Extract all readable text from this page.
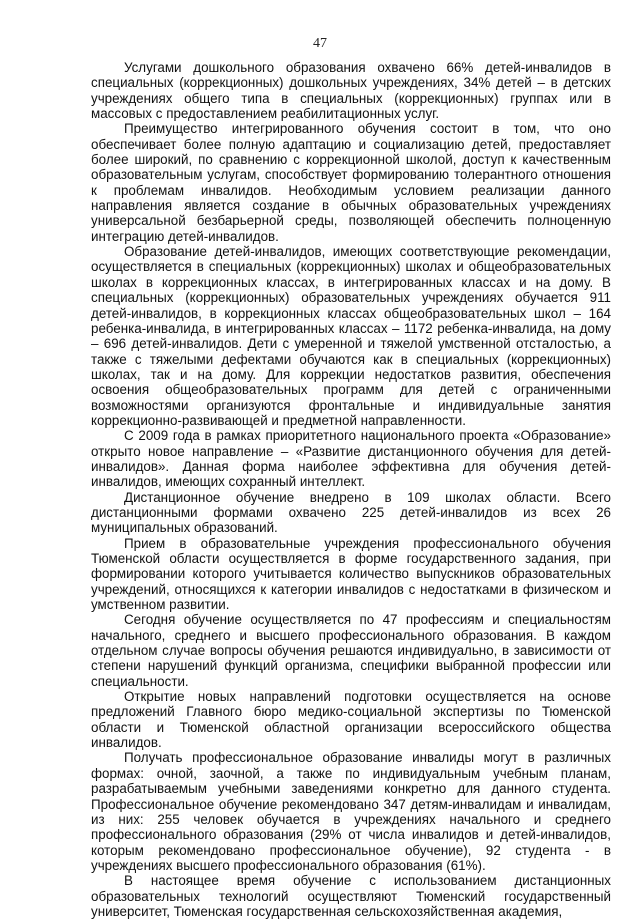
47

Услугами дошкольного образования охвачено 66% детей-инвалидов в специальных (коррекционных) дошкольных учреждениях, 34% детей – в детских учреждениях общего типа в специальных (коррекционных) группах или в массовых с предоставлением реабилитационных услуг.

Преимущество интегрированного обучения состоит в том, что оно обеспечивает более полную адаптацию и социализацию детей, предоставляет более широкий, по сравнению с коррекционной школой, доступ к качественным образовательным услугам, способствует формированию толерантного отношения к проблемам инвалидов. Необходимым условием реализации данного направления является создание в обычных образовательных учреждениях универсальной безбарьерной среды, позволяющей обеспечить полноценную интеграцию детей-инвалидов.

Образование детей-инвалидов, имеющих соответствующие рекомендации, осуществляется в специальных (коррекционных) школах и общеобразовательных школах в коррекционных классах, в интегрированных классах и на дому. В специальных (коррекционных) образовательных учреждениях обучается 911 детей-инвалидов, в коррекционных классах общеобразовательных школ – 164 ребенка-инвалида, в интегрированных классах – 1172 ребенка-инвалида, на дому – 696 детей-инвалидов. Дети с умеренной и тяжелой умственной отсталостью, а также с тяжелыми дефектами обучаются как в специальных (коррекционных) школах, так и на дому. Для коррекции недостатков развития, обеспечения освоения общеобразовательных программ для детей с ограниченными возможностями организуются фронтальные и индивидуальные занятия коррекционно-развивающей и предметной направленности.

С 2009 года в рамках приоритетного национального проекта «Образование» открыто новое направление – «Развитие дистанционного обучения для детей-инвалидов». Данная форма наиболее эффективна для обучения детей-инвалидов, имеющих сохранный интеллект.

Дистанционное обучение внедрено в 109 школах области. Всего дистанционными формами охвачено 225 детей-инвалидов из всех 26 муниципальных образований.

Прием в образовательные учреждения профессионального обучения Тюменской области осуществляется в форме государственного задания, при формировании которого учитывается количество выпускников образовательных учреждений, относящихся к категории инвалидов с недостатками в физическом и умственном развитии.

Сегодня обучение осуществляется по 47 профессиям и специальностям начального, среднего и высшего профессионального образования. В каждом отдельном случае вопросы обучения решаются индивидуально, в зависимости от степени нарушений функций организма, специфики выбранной профессии или специальности.

Открытие новых направлений подготовки осуществляется на основе предложений Главного бюро медико-социальной экспертизы по Тюменской области и Тюменской областной организации всероссийского общества инвалидов.

Получать профессиональное образование инвалиды могут в различных формах: очной, заочной, а также по индивидуальным учебным планам, разрабатываемым учебными заведениями конкретно для данного студента. Профессиональное обучение рекомендовано 347 детям-инвалидам и инвалидам, из них: 255 человек обучается в учреждениях начального и среднего профессионального образования (29% от числа инвалидов и детей-инвалидов, которым рекомендовано профессиональное обучение), 92 студента - в учреждениях высшего профессионального образования (61%).

В настоящее время обучение с использованием дистанционных образовательных технологий осуществляют Тюменский государственный университет, Тюменская государственная сельскохозяйственная академия,
